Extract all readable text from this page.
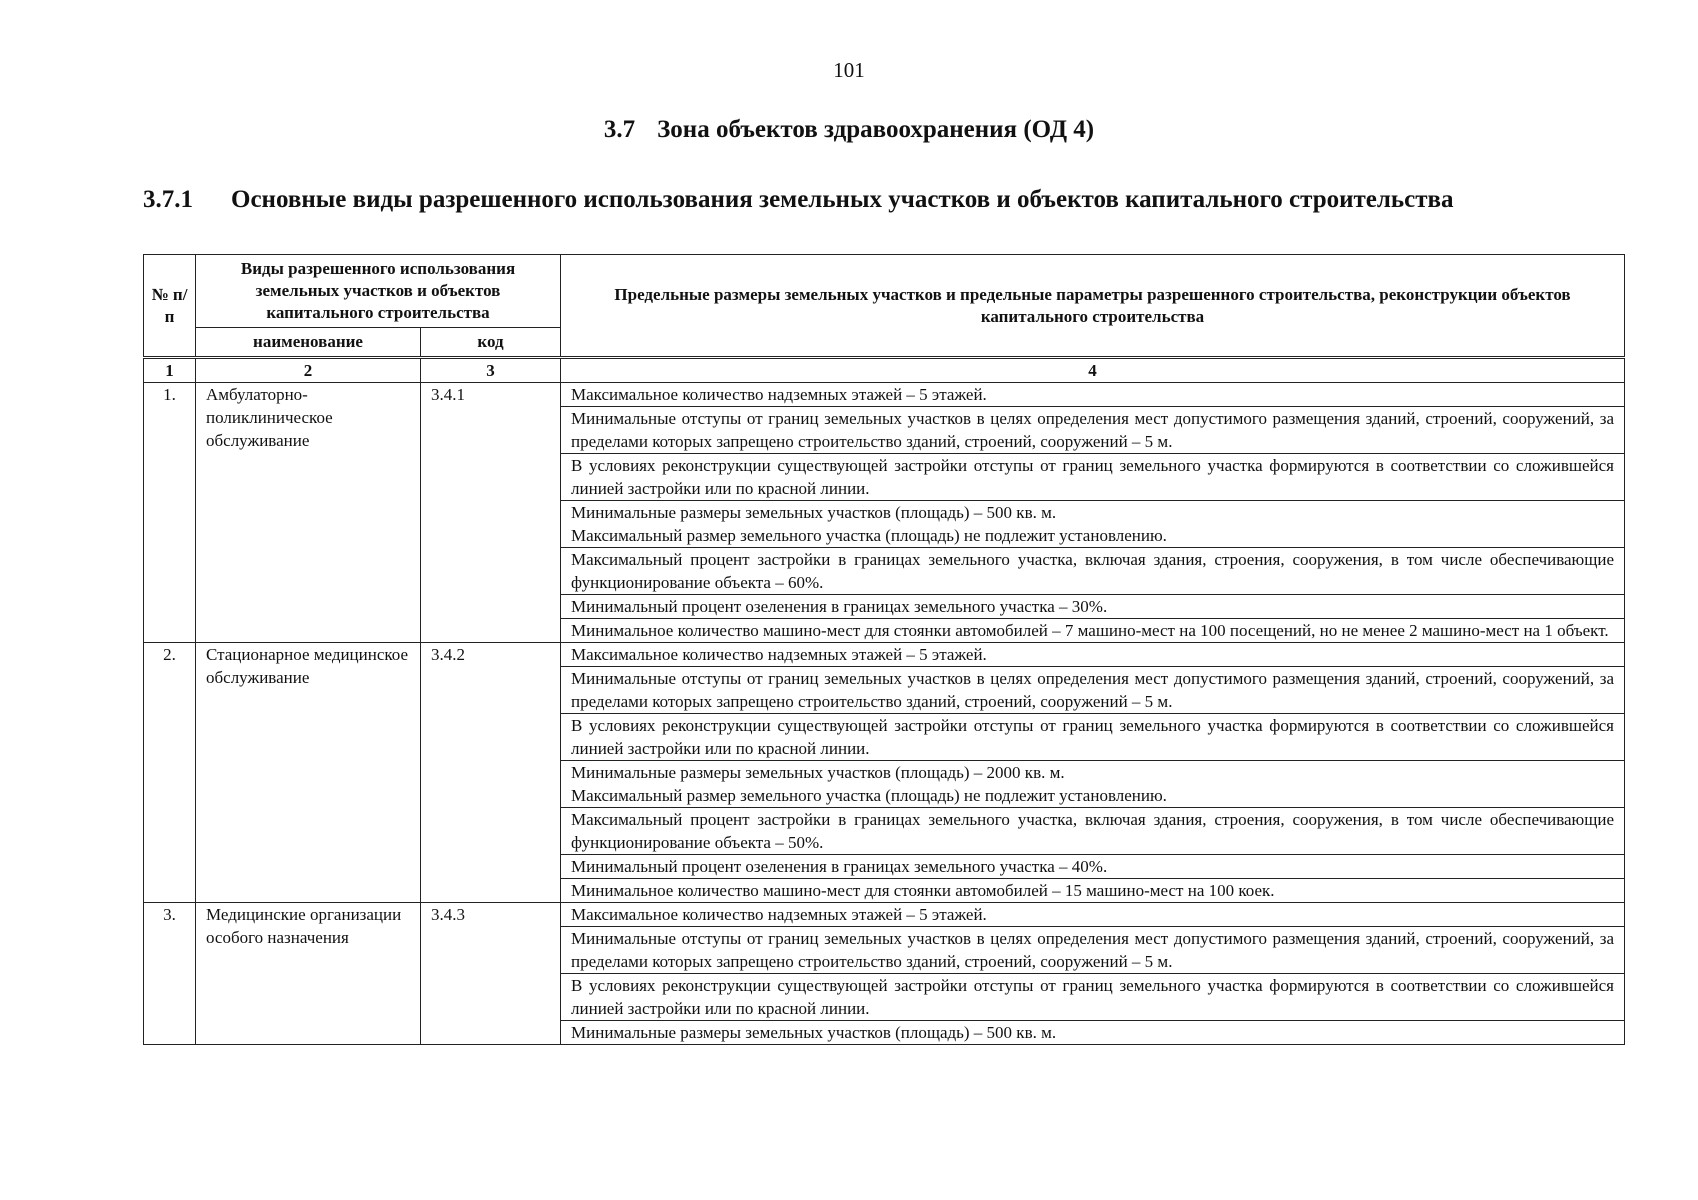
101
3.7 Зона объектов здравоохранения (ОД 4)
3.7.1 Основные виды разрешенного использования земельных участков и объектов капитального строительства
№ п/п	Виды разрешенного использования земельных участков и объектов капитального строительства		Предельные размеры земельных участков и предельные параметры разрешенного строительства, реконструкции объектов капитального строительства
	наименование	код	
1	2	3	4
1.	Амбулаторно-поликлиническое обслуживание	3.4.1	Максимальное количество надземных этажей – 5 этажей.
			Минимальные отступы от границ земельных участков в целях определения мест допустимого размещения зданий, строений, сооружений, за пределами которых запрещено строительство зданий, строений, сооружений – 5 м.
			В условиях реконструкции существующей застройки отступы от границ земельного участка формируются в соответствии со сложившейся линией застройки или по красной линии.
			Минимальные размеры земельных участков (площадь) – 500 кв. м.
Максимальный размер земельного участка (площадь) не подлежит установлению.
			Максимальный процент застройки в границах земельного участка, включая здания, строения, сооружения, в том числе обеспечивающие функционирование объекта – 60%.
			Минимальный процент озеленения в границах земельного участка – 30%.
			Минимальное количество машино-мест для стоянки автомобилей – 7 машино-мест на 100 посещений, но не менее 2 машино-мест на 1 объект.
2.	Стационарное медицинское обслуживание	3.4.2	Максимальное количество надземных этажей – 5 этажей.
			Минимальные отступы от границ земельных участков в целях определения мест допустимого размещения зданий, строений, сооружений, за пределами которых запрещено строительство зданий, строений, сооружений – 5 м.
			В условиях реконструкции существующей застройки отступы от границ земельного участка формируются в соответствии со сложившейся линией застройки или по красной линии.
			Минимальные размеры земельных участков (площадь) – 2000 кв. м.
Максимальный размер земельного участка (площадь) не подлежит установлению.
			Максимальный процент застройки в границах земельного участка, включая здания, строения, сооружения, в том числе обеспечивающие функционирование объекта – 50%.
			Минимальный процент озеленения в границах земельного участка – 40%.
			Минимальное количество машино-мест для стоянки автомобилей – 15 машино-мест на 100 коек.
3.	Медицинские организации особого назначения	3.4.3	Максимальное количество надземных этажей – 5 этажей.
			Минимальные отступы от границ земельных участков в целях определения мест допустимого размещения зданий, строений, сооружений, за пределами которых запрещено строительство зданий, строений, сооружений – 5 м.
			В условиях реконструкции существующей застройки отступы от границ земельного участка формируются в соответствии со сложившейся линией застройки или по красной линии.
			Минимальные размеры земельных участков (площадь) – 500 кв. м.
